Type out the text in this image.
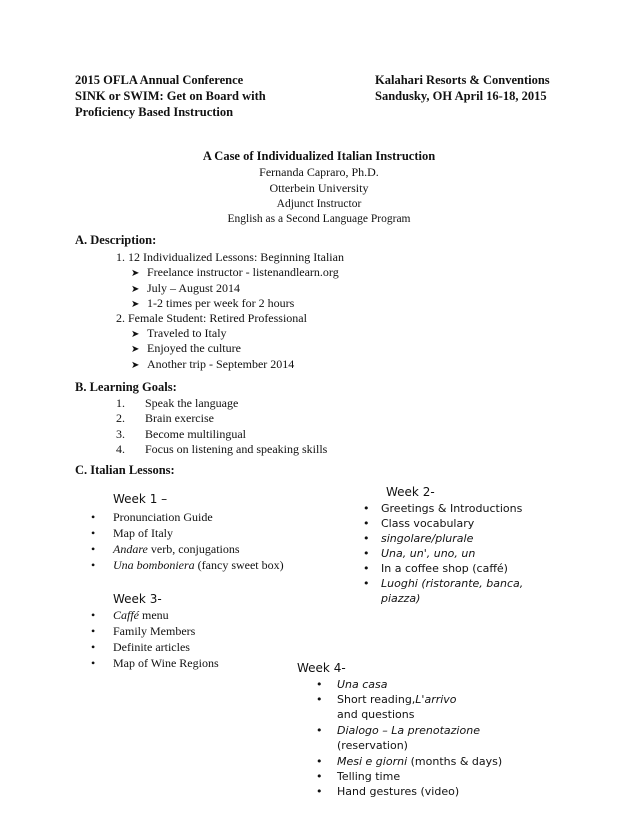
2015 OFLA Annual Conference
SINK or SWIM: Get on Board with
Proficiency Based Instruction
Kalahari Resorts & Conventions
Sandusky, OH April 16-18, 2015
A Case of Individualized Italian Instruction
Fernanda Capraro, Ph.D.
Otterbein University
Adjunct Instructor
English as a Second Language Program
A. Description:
1. 12 Individualized Lessons: Beginning Italian
➤ Freelance instructor - listenandlearn.org
➤ July – August 2014
➤ 1-2 times per week for 2 hours
2. Female Student: Retired Professional
➤ Traveled to Italy
➤ Enjoyed the culture
➤ Another trip - September 2014
B. Learning Goals:
1. Speak the language
2. Brain exercise
3. Become multilingual
4. Focus on listening and speaking skills
C. Italian Lessons:
Week 1 –
• Pronunciation Guide
• Map of Italy
• Andare verb, conjugations
• Una bomboniera (fancy sweet box)
Week 2-
• Greetings & Introductions
• Class vocabulary
• singolare/plurale
• Una, un', uno, un
• In a coffee shop (caffé)
• Luoghi (ristorante, banca,
piazza)
Week 3-
• Caffé menu
• Family Members
• Definite articles
• Map of Wine Regions	Week 4-
• Una casa
• Short reading,L'arrivo
and questions
• Dialogo – La prenotazione
(reservation)
• Mesi e giorni (months & days)
• Telling time
• Hand gestures (video)
